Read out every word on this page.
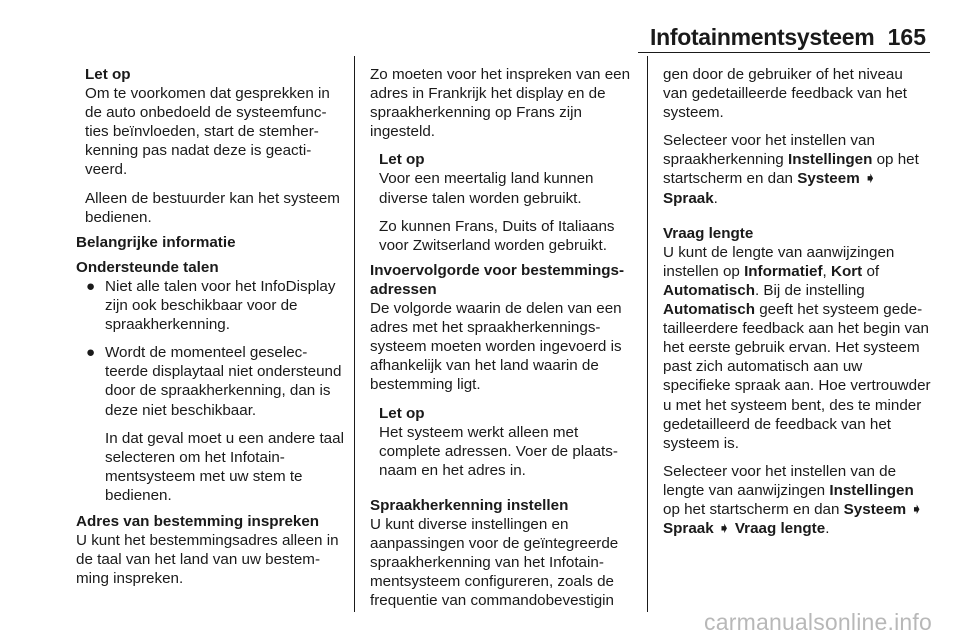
Infotainmentsysteem 165
Let op

Om te voorkomen dat gesprekken in de auto onbedoeld de systeemfuncties beïnvloeden, start de stemherkenning pas nadat deze is geactiveerd.

Alleen de bestuurder kan het systeem bedienen.

Belangrijke informatie
Ondersteunde talen
● Niet alle talen voor het InfoDisplay zijn ook beschikbaar voor de spraakherkenning.

● Wordt de momenteel geselecteerde displaytaal niet ondersteund door de spraakherkenning, dan is deze niet beschikbaar.

In dat geval moet u een andere taal selecteren om het Infotainmentsysteem met uw stem te bedienen.

Adres van bestemming inspreken

U kunt het bestemmingsadres alleen in de taal van het land van uw bestemming inspreken.

Zo moeten voor het inspreken van een adres in Frankrijk het display en de spraakherkenning op Frans zijn ingesteld.

Let op

Voor een meertalig land kunnen diverse talen worden gebruikt.

Zo kunnen Frans, Duits of Italiaans voor Zwitserland worden gebruikt.

Invoervolgorde voor bestemmingsadressen

De volgorde waarin de delen van een adres met het spraakherkenningssysteem moeten worden ingevoerd is afhankelijk van het land waarin de bestemming ligt.

Let op

Het systeem werkt alleen met complete adressen. Voer de plaatsnaam en het adres in.

Spraakherkenning instellen

U kunt diverse instellingen en aanpassingen voor de geïntegreerde spraakherkenning van het Infotainmentsysteem configureren, zoals de frequentie van commandobevestigin

gen door de gebruiker of het niveau van gedetailleerde feedback van het systeem.

Selecteer voor het instellen van spraakherkenning Instellingen op het startscherm en dan Systeem ➧ Spraak.

Vraag lengte

U kunt de lengte van aanwijzingen instellen op Informatief, Kort of Automatisch. Bij de instelling Automatisch geeft het systeem gedetailleerdere feedback aan het begin van het eerste gebruik ervan. Het systeem past zich automatisch aan uw specifieke spraak aan. Hoe vertrouwder u met het systeem bent, des te minder gedetailleerd de feedback van het systeem is.

Selecteer voor het instellen van de lengte van aanwijzingen Instellingen op het startscherm en dan Systeem ➧ Spraak ➧ Vraag lengte.

carmanualsonline.info
